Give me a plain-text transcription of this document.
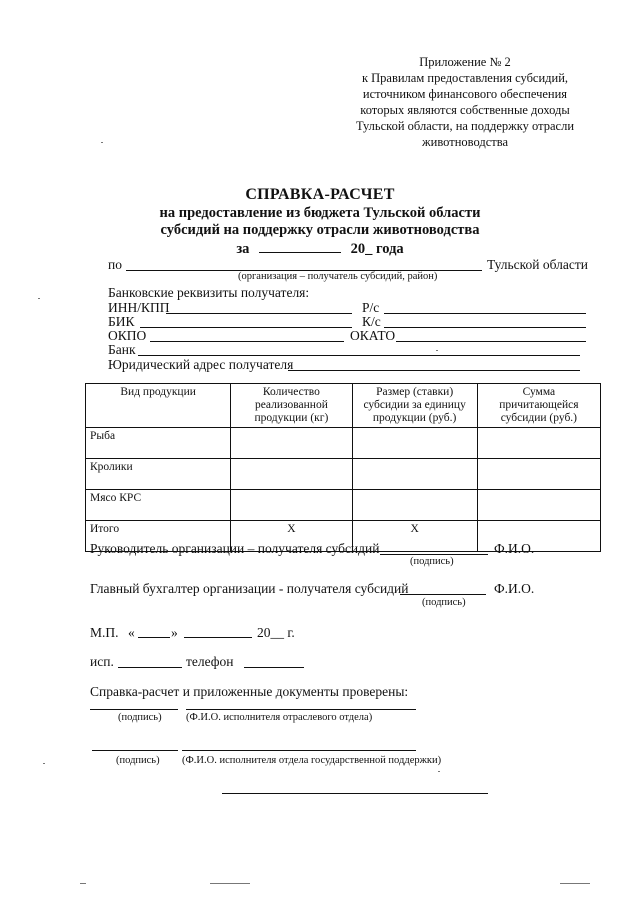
Приложение № 2
к Правилам предоставления субсидий,
источником финансового обеспечения
которых являются собственные доходы
Тульской области, на поддержку отрасли
животноводства
СПРАВКА-РАСЧЕТ
на предоставление из бюджета Тульской области
субсидий на поддержку отрасли животноводства
за	20_ года
по	Тульской области
(организация – получатель субсидий, район)
Банковские реквизиты получателя:
ИНН/КПП	Р/с
БИК	К/с
ОКПО	ОКАТО
Банк
Юридический адрес получателя
Вид продукции	Количество реализованной продукции (кг)	Размер (ставки) субсидии за единицу продукции (руб.)	Сумма причитающейся субсидии (руб.)
Рыба			
Кролики			
Мясо КРС			
Итого	Х	Х	
Руководитель организации – получателя субсидий	Ф.И.О.
(подпись)
Главный бухгалтер организации - получателя субсидий	Ф.И.О.
(подпись)
М.П. «	»	20__ г.
исп.	телефон
Справка-расчет и приложенные документы проверены:
(подпись) (Ф.И.О. исполнителя отраслевого отдела)
(подпись) (Ф.И.О. исполнителя отдела государственной поддержки)
